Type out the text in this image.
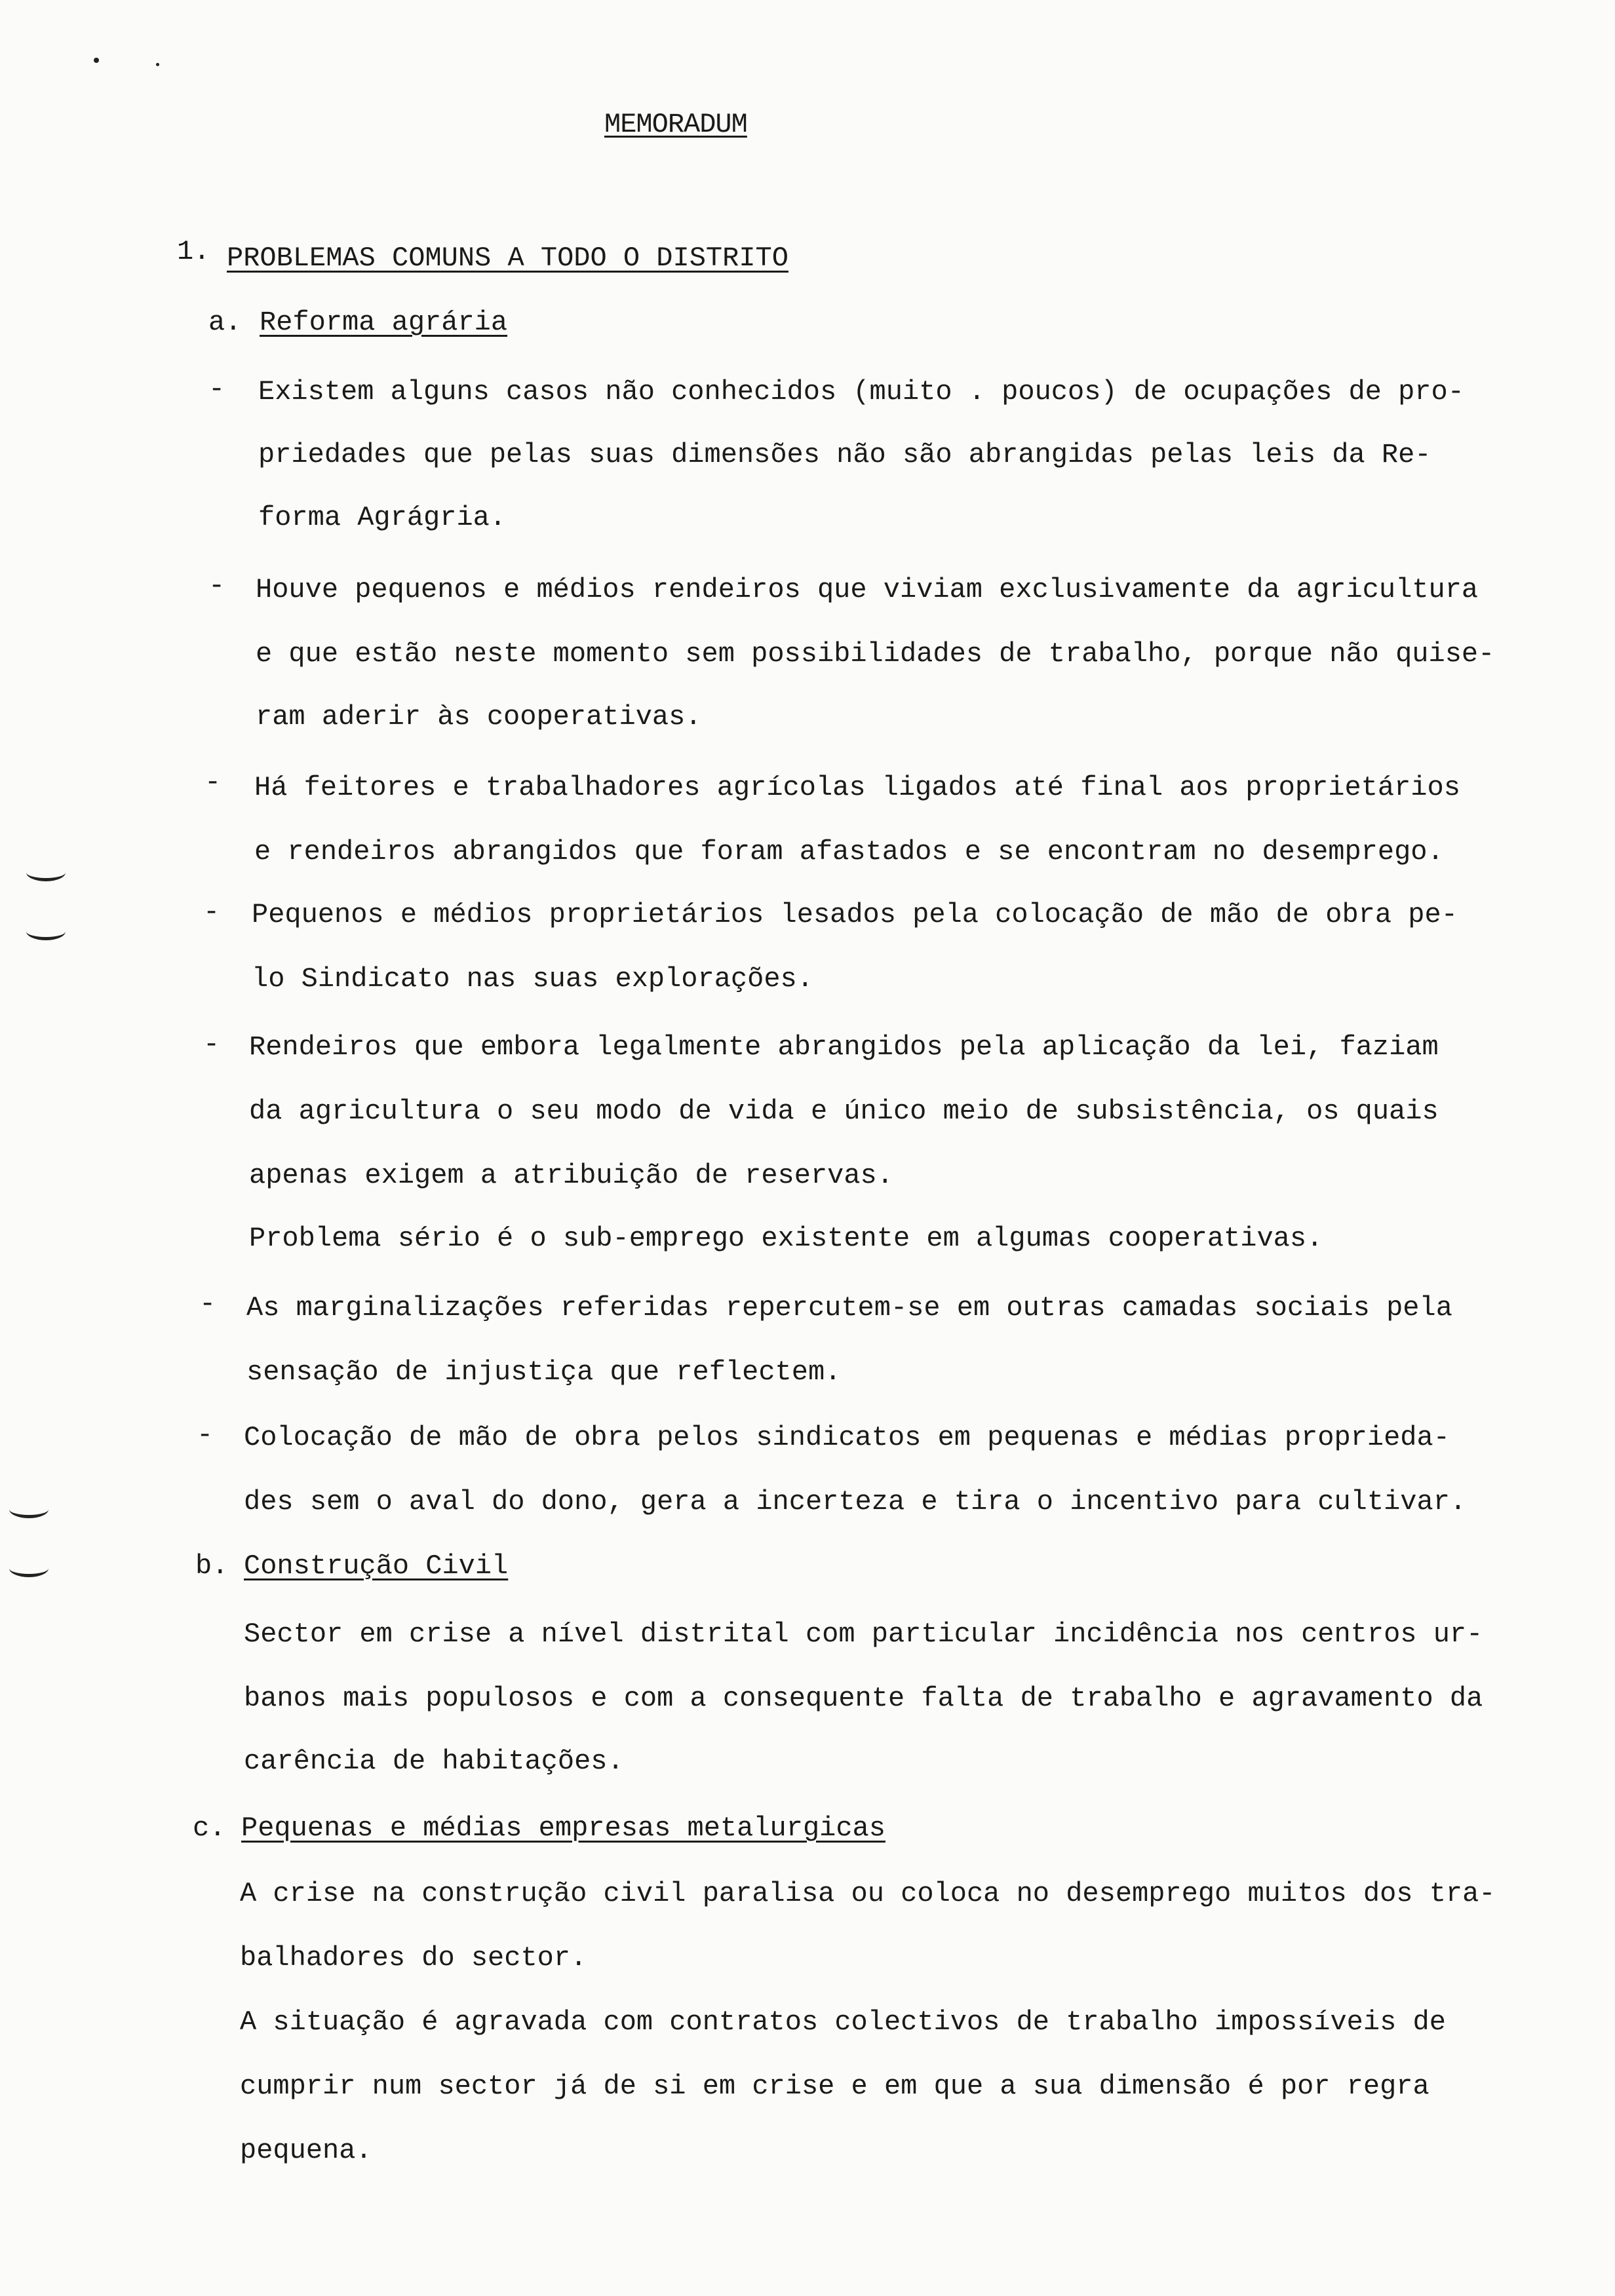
MEMORADUM
1. PROBLEMAS COMUNS A TODO O DISTRITO
a. Reforma agrária
- Existem alguns casos não conhecidos (muito . poucos) de ocupações de pro-
priedades que pelas suas dimensões não são abrangidas pelas leis da Re-
forma Agrágria.
- Houve pequenos e médios rendeiros que viviam exclusivamente da agricultura
e que estão neste momento sem possibilidades de trabalho, porque não quise-
ram aderir às cooperativas.
- Há feitores e trabalhadores agrícolas ligados até final aos proprietários
e rendeiros abrangidos que foram afastados e se encontram no desemprego.
- Pequenos e médios proprietários lesados pela colocação de mão de obra pe-
lo Sindicato nas suas explorações.
- Rendeiros que embora legalmente abrangidos pela aplicação da lei, faziam
da agricultura o seu modo de vida e único meio de subsistência, os quais
apenas exigem a atribuição de reservas.
Problema sério é o sub-emprego existente em algumas cooperativas.
- As marginalizações referidas repercutem-se em outras camadas sociais pela
sensação de injustiça que reflectem.
- Colocação de mão de obra pelos sindicatos em pequenas e médias proprieda-
des sem o aval do dono, gera a incerteza e tira o incentivo para cultivar.
b. Construção Civil
Sector em crise a nível distrital com particular incidência nos centros ur-
banos mais populosos e com a consequente falta de trabalho e agravamento da
carência de habitações.
c. Pequenas e médias empresas metalurgicas
A crise na construção civil paralisa ou coloca no desemprego muitos dos tra-
balhadores do sector.
A situação é agravada com contratos colectivos de trabalho impossíveis de
cumprir num sector já de si em crise e em que a sua dimensão é por regra
pequena.
